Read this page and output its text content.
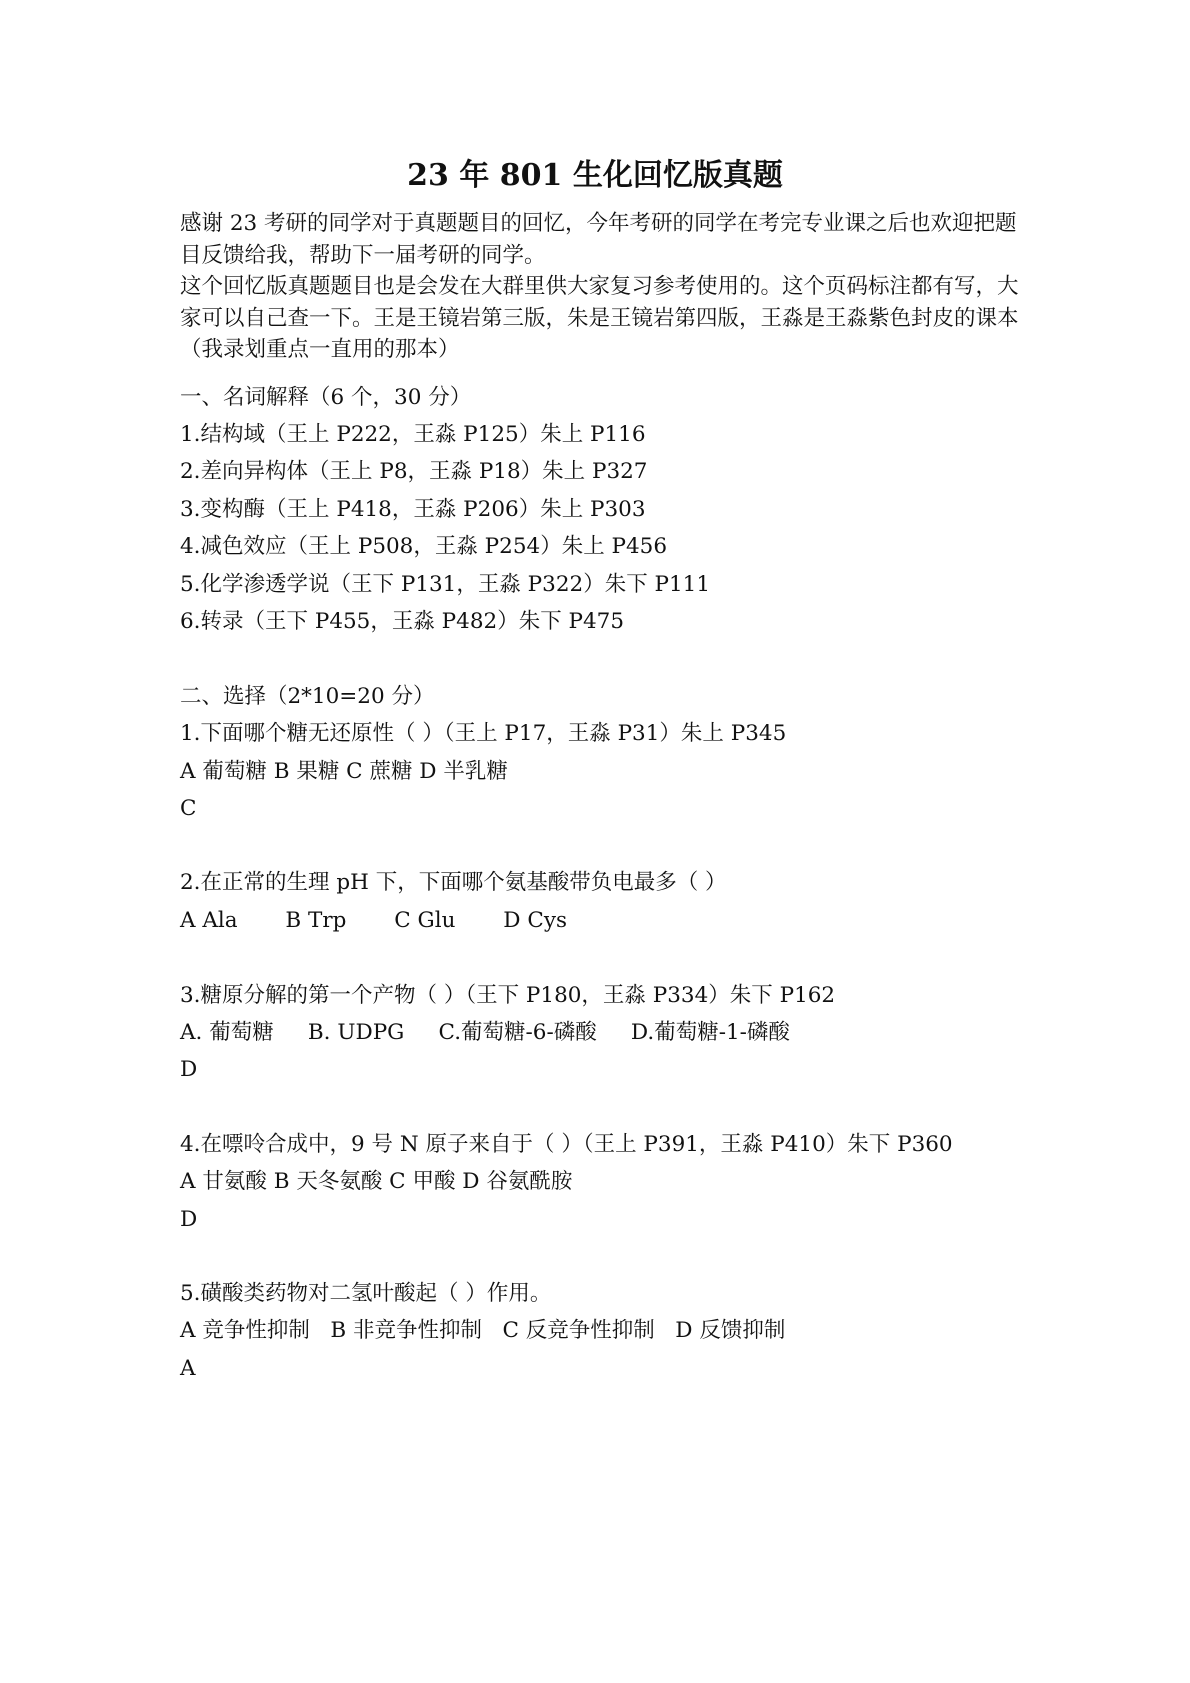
23 年 801 生化回忆版真题

感谢 23 考研的同学对于真题题目的回忆，今年考研的同学在考完专业课之后也欢迎把题目反馈给我，帮助下一届考研的同学。

这个回忆版真题题目也是会发在大群里供大家复习参考使用的。这个页码标注都有写，大家可以自己查一下。王是王镜岩第三版，朱是王镜岩第四版，王淼是王淼紫色封皮的课本（我录划重点一直用的那本）

一、名词解释（6 个，30 分）
1.结构域（王上 P222，王淼 P125）朱上 P116
2.差向异构体（王上 P8，王淼 P18）朱上 P327
3.变构酶（王上 P418，王淼 P206）朱上 P303
4.减色效应（王上 P508，王淼 P254）朱上 P456
5.化学渗透学说（王下 P131，王淼 P322）朱下 P111
6.转录（王下 P455，王淼 P482）朱下 P475
二、选择（2*10=20 分）
1.下面哪个糖无还原性（ ）（王上 P17，王淼 P31）朱上 P345
A 葡萄糖 B 果糖 C 蔗糖 D 半乳糖
C
2.在正常的生理 pH 下，下面哪个氨基酸带负电最多（ ）
A Ala       B Trp       C Glu       D Cys
3.糖原分解的第一个产物（ ）（王下 P180，王淼 P334）朱下 P162
A. 葡萄糖     B. UDPG     C.葡萄糖-6-磷酸     D.葡萄糖-1-磷酸
D
4.在嘌呤合成中，9 号 N 原子来自于（ ）（王上 P391，王淼 P410）朱下 P360
A 甘氨酸 B 天冬氨酸 C 甲酸 D 谷氨酰胺
D
5.磺酸类药物对二氢叶酸起（ ）作用。
A 竞争性抑制   B 非竞争性抑制   C 反竞争性抑制   D 反馈抑制
A
